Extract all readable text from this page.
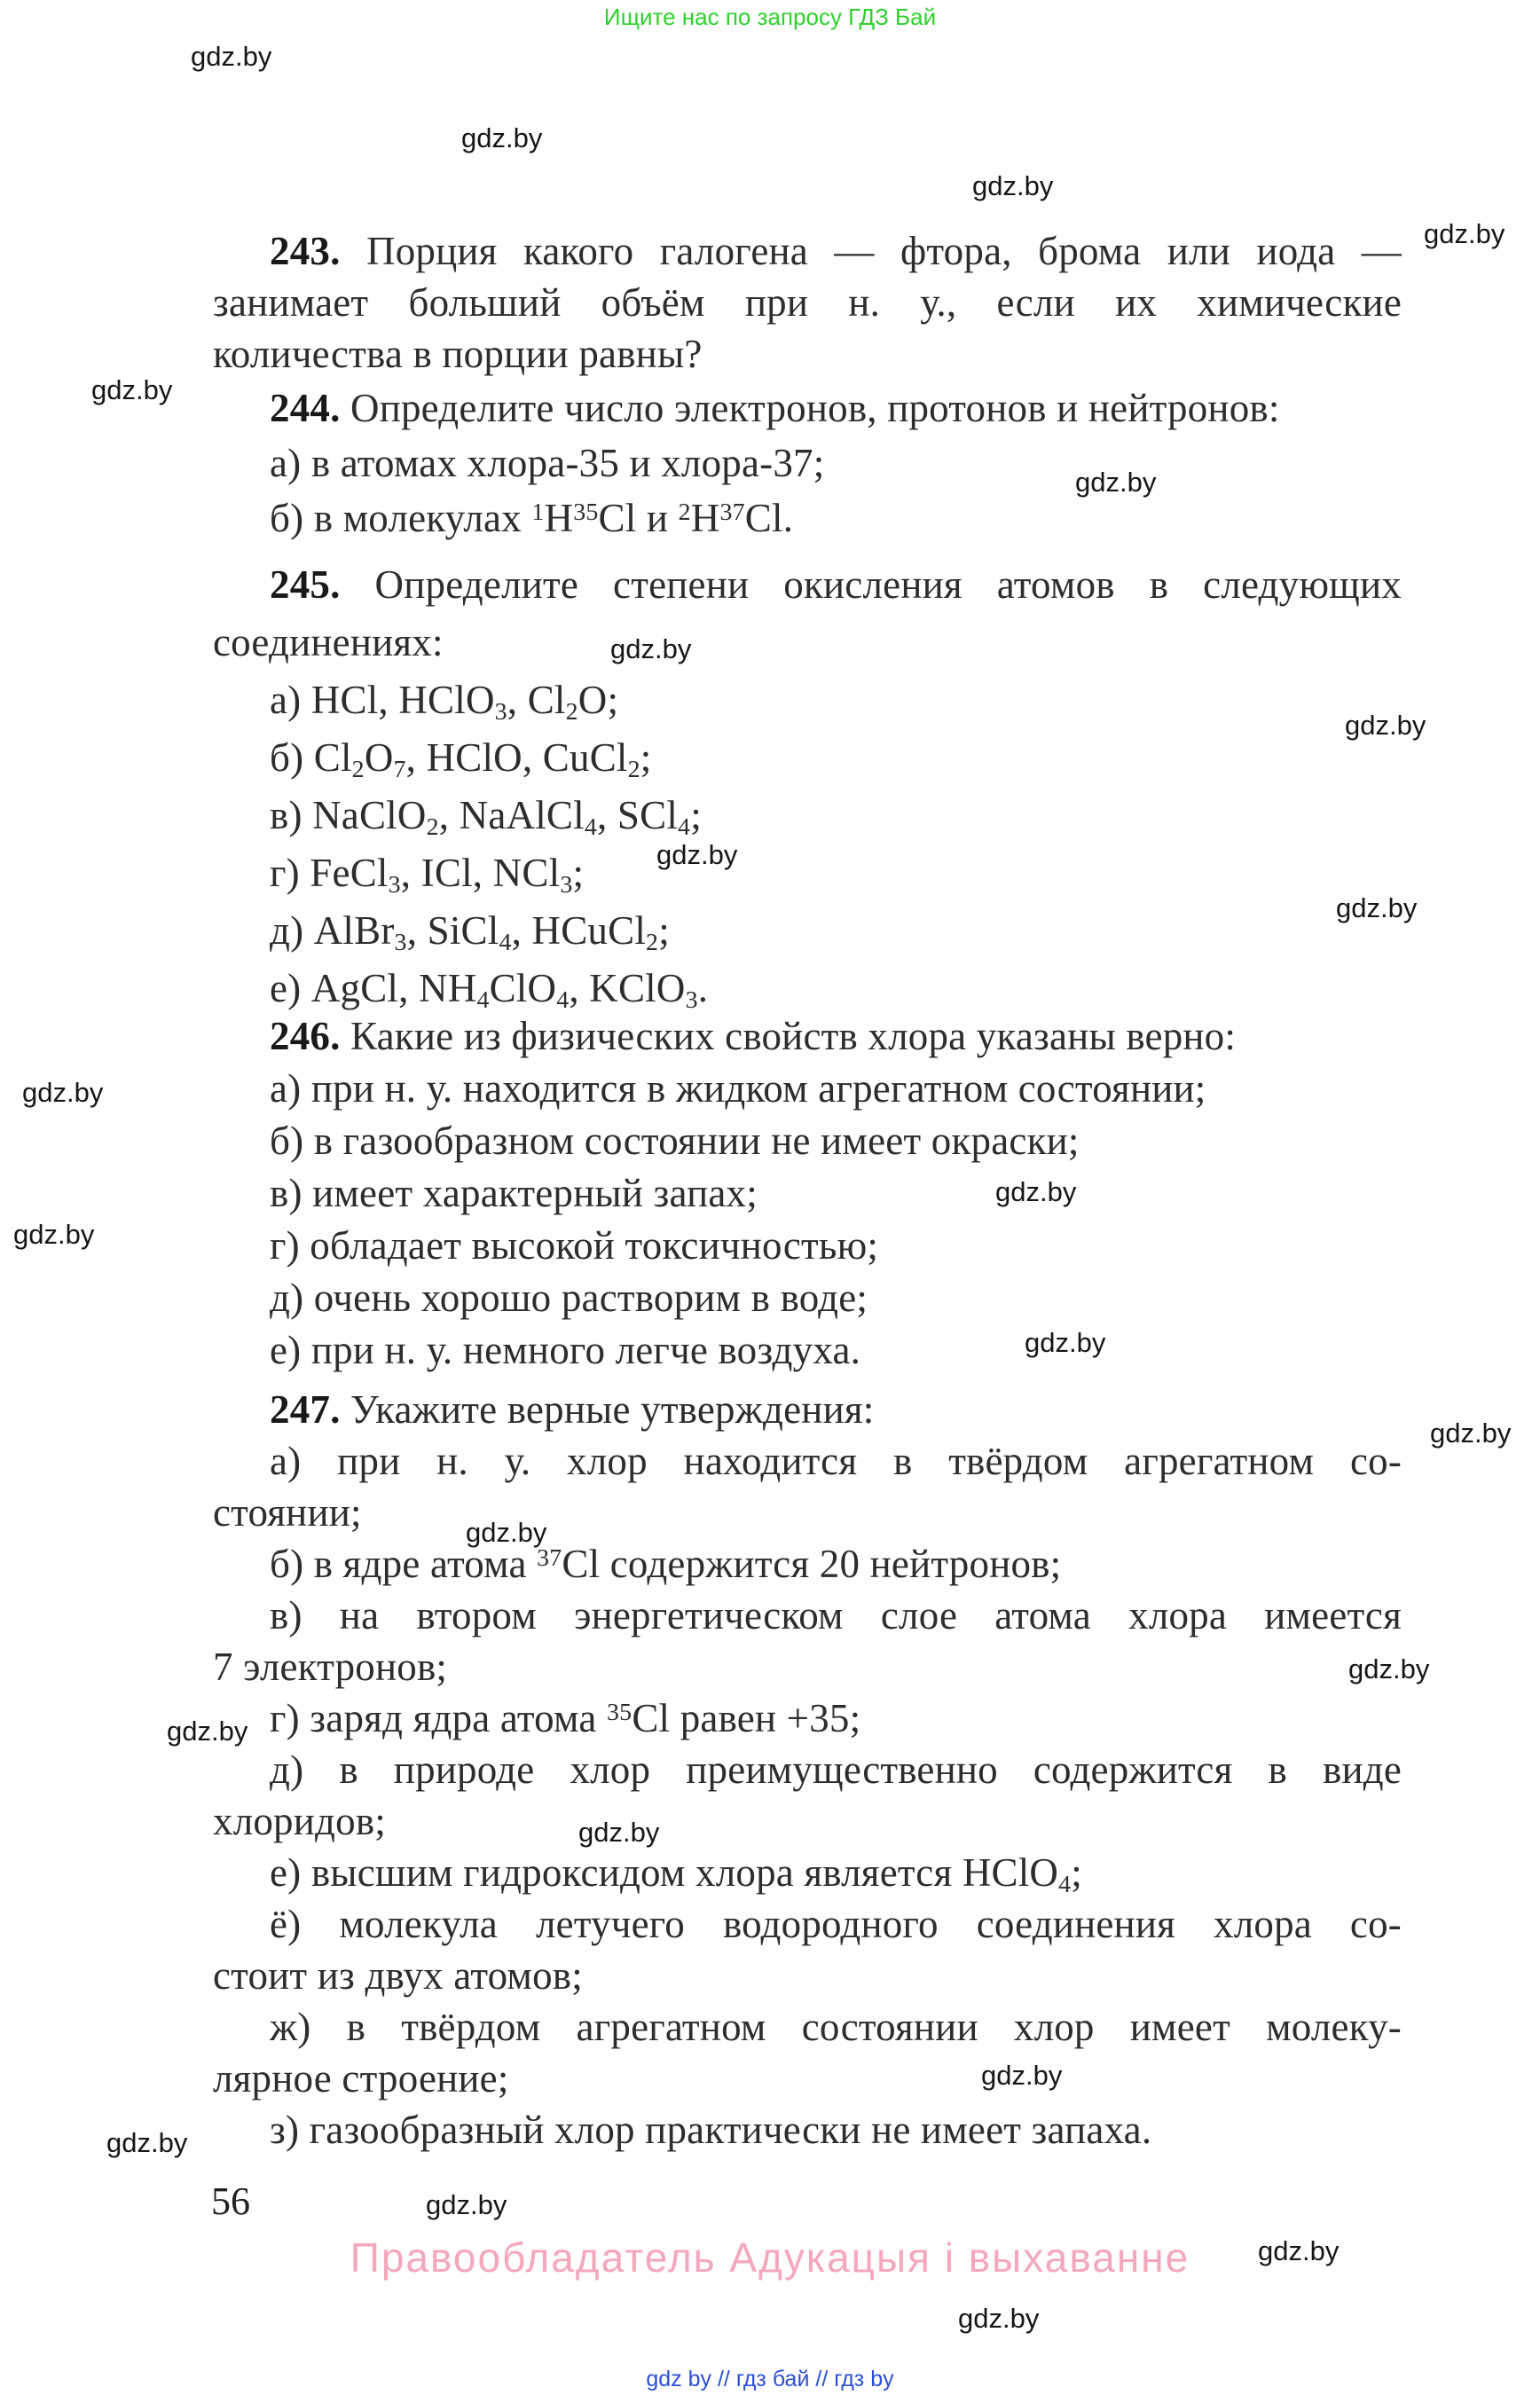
Ищите нас по запросу ГДЗ Бай
gdz.by
gdz.by
gdz.by
gdz.by
gdz.by
gdz.by
gdz.by
gdz.by
gdz.by
gdz.by
gdz.by
gdz.by
gdz.by
gdz.by
gdz.by
gdz.by
gdz.by
gdz.by
gdz.by
gdz.by
gdz.by
gdz.by
gdz.by
gdz.by
243. Порция какого галогена — фтора, брома или иода —
занимает больший объём при н. у., если их химические
количества в порции равны?
244. Определите число электронов, протонов и нейтронов:
а) в атомах хлора-35 и хлора-37;
б) в молекулах $^1H^{35}Cl$ и $^2H^{37}Cl$.
245. Определите степени окисления атомов в следующих
соединениях:
а) HCl, HClO$_3$, $Cl_2O$;
б) $Cl_2O_7$, HClO, CuCl$_2$;
в) NaClO$_2$, NaAlCl$_4$, SCl$_4$;
г) FeCl$_3$, ICl, NCl$_3$;
д) AlBr$_3$, SiCl$_4$, HCuCl$_2$;
е) AgCl, $NH_4ClO_4$, KClO$_3$.
246. Какие из физических свойств хлора указаны верно:
а) при н. у. находится в жидком агрегатном состоянии;
б) в газообразном состоянии не имеет окраски;
в) имеет характерный запах;
г) обладает высокой токсичностью;
д) очень хорошо растворим в воде;
е) при н. у. немного легче воздуха.
247. Укажите верные утверждения:
а) при н. у. хлор находится в твёрдом агрегатном со-
стоянии;
б) в ядре атома $^{37}$Cl содержится 20 нейтронов;
в) на втором энергетическом слое атома хлора имеется
7 электронов;
г) заряд ядра атома $^{35}$Cl равен +35;
д) в природе хлор преимущественно содержится в виде
хлоридов;
е) высшим гидроксидом хлора является HClO$_4$;
ё) молекула летучего водородного соединения хлора со-
стоит из двух атомов;
ж) в твёрдом агрегатном состоянии хлор имеет молеку-
лярное строение;
з) газообразный хлор практически не имеет запаха.
56
Правообладатель Адукацыя і выхаванне
gdz by // гдз бай // гдз by
